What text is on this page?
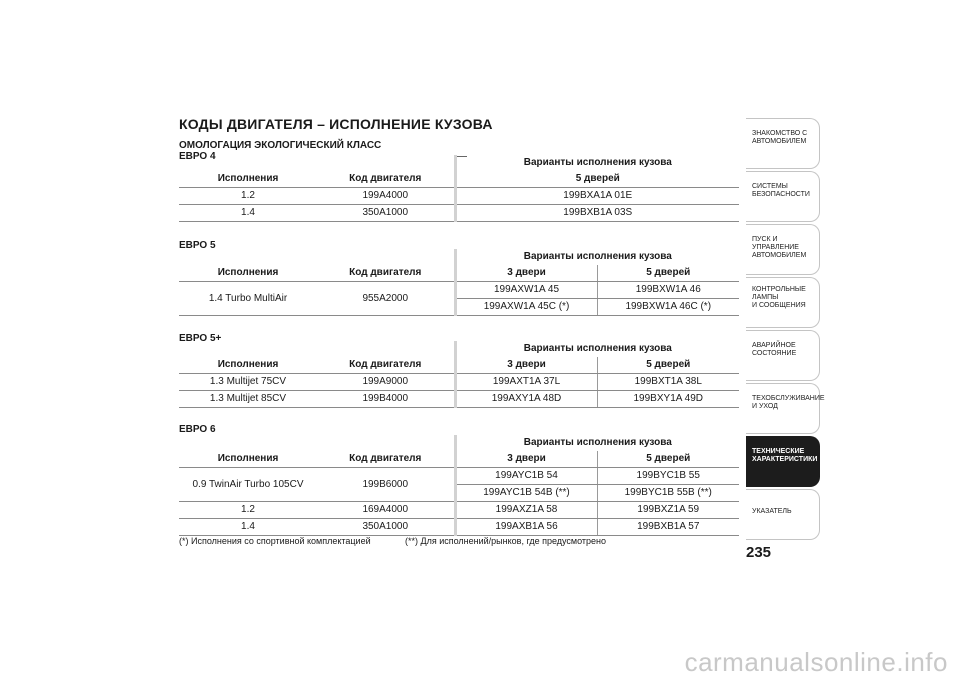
КОДЫ ДВИГАТЕЛЯ – ИСПОЛНЕНИЕ КУЗОВА
ОМОЛОГАЦИЯ ЭКОЛОГИЧЕСКИЙ КЛАСС
ЕВРО 4
		Варианты исполнения кузова
Исполнения	Код двигателя	5 дверей
1.2	199A4000	199BXA1A 01E
1.4	350A1000	199BXB1A 03S
ЕВРО 5
		Варианты исполнения кузова	
Исполнения	Код двигателя	3 двери	5 дверей
1.4 Turbo MultiAir	955A2000	199AXW1A 45	199BXW1A 46
		199AXW1A 45C (*)	199BXW1A 46C (*)
ЕВРО 5+
		Варианты исполнения кузова	
Исполнения	Код двигателя	3 двери	5 дверей
1.3 Multijet 75CV	199A9000	199AXT1A 37L	199BXT1A 38L
1.3 Multijet 85CV	199B4000	199AXY1A 48D	199BXY1A 49D
ЕВРО 6
		Варианты исполнения кузова	
Исполнения	Код двигателя	3 двери	5 дверей
0.9 TwinAir Turbo 105CV	199B6000	199AYC1B 54	199BYC1B 55
		199AYC1B 54B (**)	199BYC1B 55B (**)
1.2	169A4000	199AXZ1A 58	199BXZ1A 59
1.4	350A1000	199AXB1A 56	199BXB1A 57
(*) Исполнения со спортивной комплектацией	(**) Для исполнений/рынков, где предусмотрено
ЗНАКОМСТВО С
АВТОМОБИЛЕМ
СИСТЕМЫ
БЕЗОПАСНОСТИ
ПУСК И УПРАВЛЕНИЕ
АВТОМОБИЛЕМ
КОНТРОЛЬНЫЕ
ЛАМПЫ
И СООБЩЕНИЯ
АВАРИЙНОЕ
СОСТОЯНИЕ
ТЕХОБСЛУЖИВАНИЕ
И УХОД
ТЕХНИЧЕСКИЕ
ХАРАКТЕРИСТИКИ
УКАЗАТЕЛЬ
235
carmanualsonline.info
